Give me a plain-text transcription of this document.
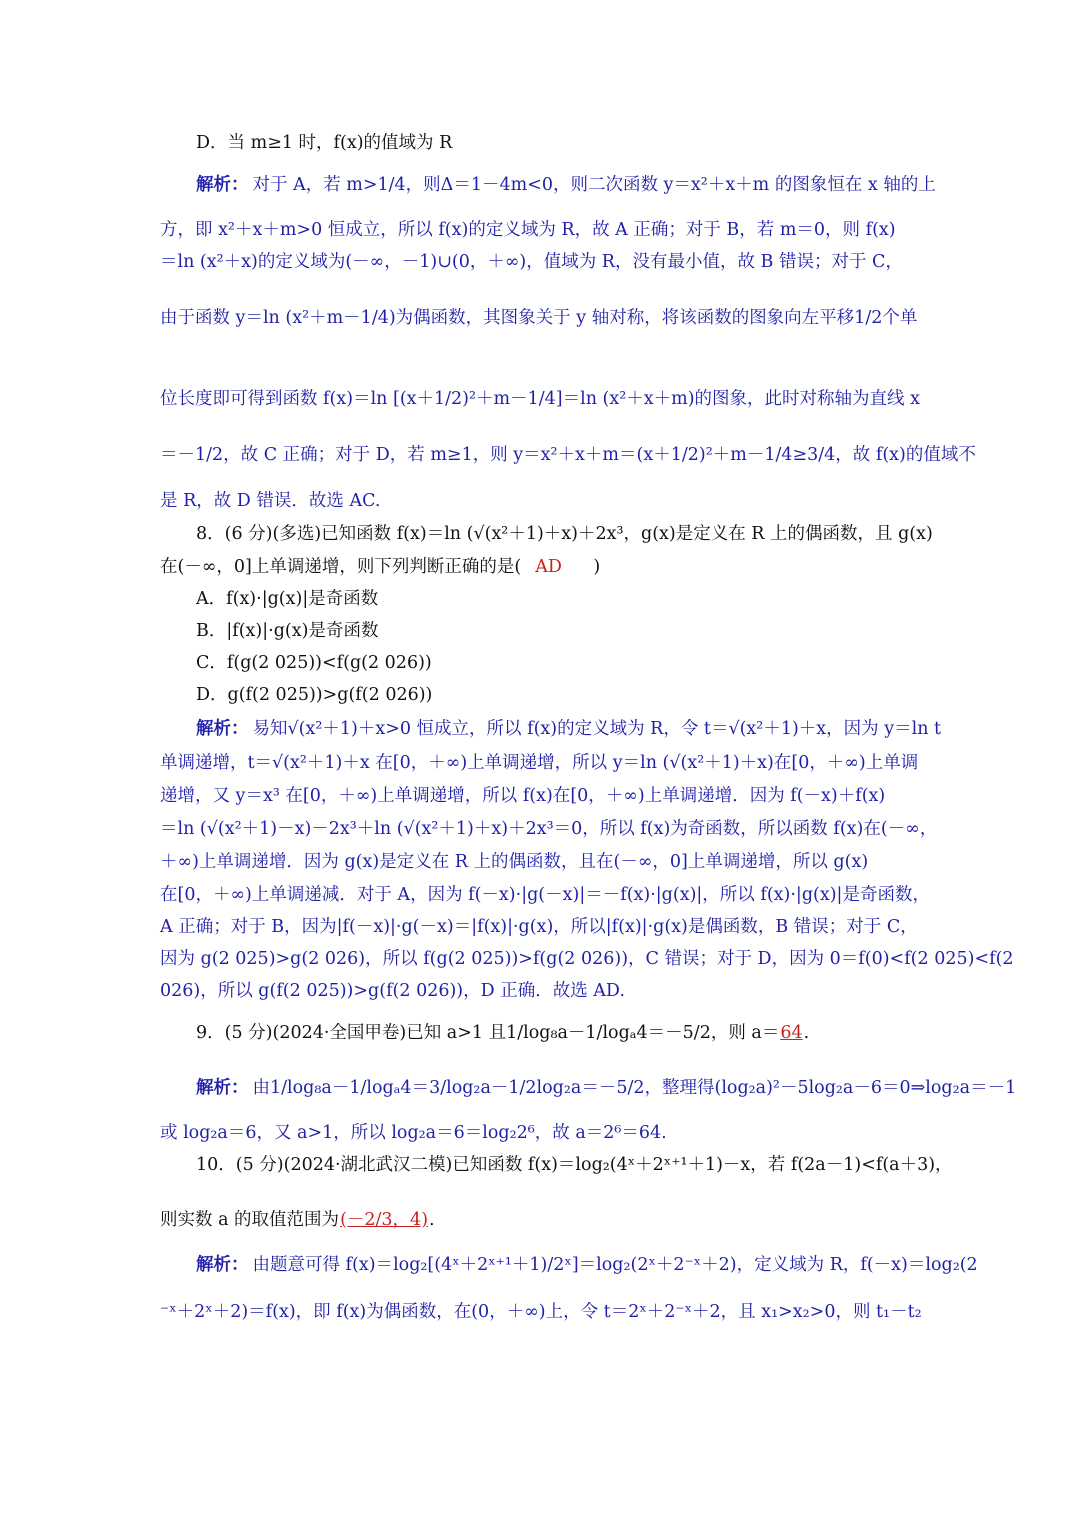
D．当 m≥1 时，f(x)的值域为 R
解析： 对于 A，若 m>1/4，则Δ＝1－4m<0，则二次函数 y＝x²＋x＋m 的图象恒在 x 轴的上
方，即 x²＋x＋m>0 恒成立，所以 f(x)的定义域为 R，故 A 正确；对于 B，若 m＝0，则 f(x)
＝ln (x²＋x)的定义域为(－∞，－1)∪(0，＋∞)，值域为 R，没有最小值，故 B 错误；对于 C，
由于函数 y＝ln (x²＋m－1/4)为偶函数，其图象关于 y 轴对称，将该函数的图象向左平移1/2个单
位长度即可得到函数 f(x)＝ln [(x＋1/2)²＋m－1/4]＝ln (x²＋x＋m)的图象，此时对称轴为直线 x
＝－1/2，故 C 正确；对于 D，若 m≥1，则 y＝x²＋x＋m＝(x＋1/2)²＋m－1/4≥3/4，故 f(x)的值域不
是 R，故 D 错误．故选 AC.
8．(6 分)(多选)已知函数 f(x)＝ln (√(x²＋1)＋x)＋2x³，g(x)是定义在 R 上的偶函数，且 g(x)
在(－∞，0]上单调递增，则下列判断正确的是( AD　)
A．f(x)·|g(x)|是奇函数
B．|f(x)|·g(x)是奇函数
C．f(g(2 025))<f(g(2 026))
D．g(f(2 025))>g(f(2 026))
解析： 易知√(x²＋1)＋x>0 恒成立，所以 f(x)的定义域为 R，令 t＝√(x²＋1)＋x，因为 y＝ln t
单调递增，t＝√(x²＋1)＋x 在[0，＋∞)上单调递增，所以 y＝ln (√(x²＋1)＋x)在[0，＋∞)上单调
递增，又 y＝x³ 在[0，＋∞)上单调递增，所以 f(x)在[0，＋∞)上单调递增．因为 f(－x)＋f(x)
＝ln (√(x²＋1)－x)－2x³＋ln (√(x²＋1)＋x)＋2x³＝0，所以 f(x)为奇函数，所以函数 f(x)在(－∞，
＋∞)上单调递增．因为 g(x)是定义在 R 上的偶函数，且在(－∞，0]上单调递增，所以 g(x)
在[0，＋∞)上单调递减．对于 A，因为 f(－x)·|g(－x)|＝－f(x)·|g(x)|，所以 f(x)·|g(x)|是奇函数，
A 正确；对于 B，因为|f(－x)|·g(－x)＝|f(x)|·g(x)，所以|f(x)|·g(x)是偶函数，B 错误；对于 C，
因为 g(2 025)>g(2 026)，所以 f(g(2 025))>f(g(2 026))，C 错误；对于 D，因为 0＝f(0)<f(2 025)<f(2
026)，所以 g(f(2 025))>g(f(2 026))，D 正确．故选 AD.
9．(5 分)(2024·全国甲卷)已知 a>1 且1/log₈a－1/logₐ4＝－5/2，则 a＝64.
解析： 由1/log₈a－1/logₐ4＝3/log₂a－1/2log₂a＝－5/2，整理得(log₂a)²－5log₂a－6＝0⇒log₂a＝－1
或 log₂a＝6，又 a>1，所以 log₂a＝6＝log₂2⁶，故 a＝2⁶＝64.
10．(5 分)(2024·湖北武汉二模)已知函数 f(x)＝log₂(4ˣ＋2ˣ⁺¹＋1)－x，若 f(2a－1)<f(a＋3)，
则实数 a 的取值范围为(－2/3，4).
解析： 由题意可得 f(x)＝log₂[(4ˣ＋2ˣ⁺¹＋1)/2ˣ]＝log₂(2ˣ＋2⁻ˣ＋2)，定义域为 R，f(－x)＝log₂(2
⁻ˣ＋2ˣ＋2)＝f(x)，即 f(x)为偶函数，在(0，＋∞)上，令 t＝2ˣ＋2⁻ˣ＋2，且 x₁>x₂>0，则 t₁－t₂
